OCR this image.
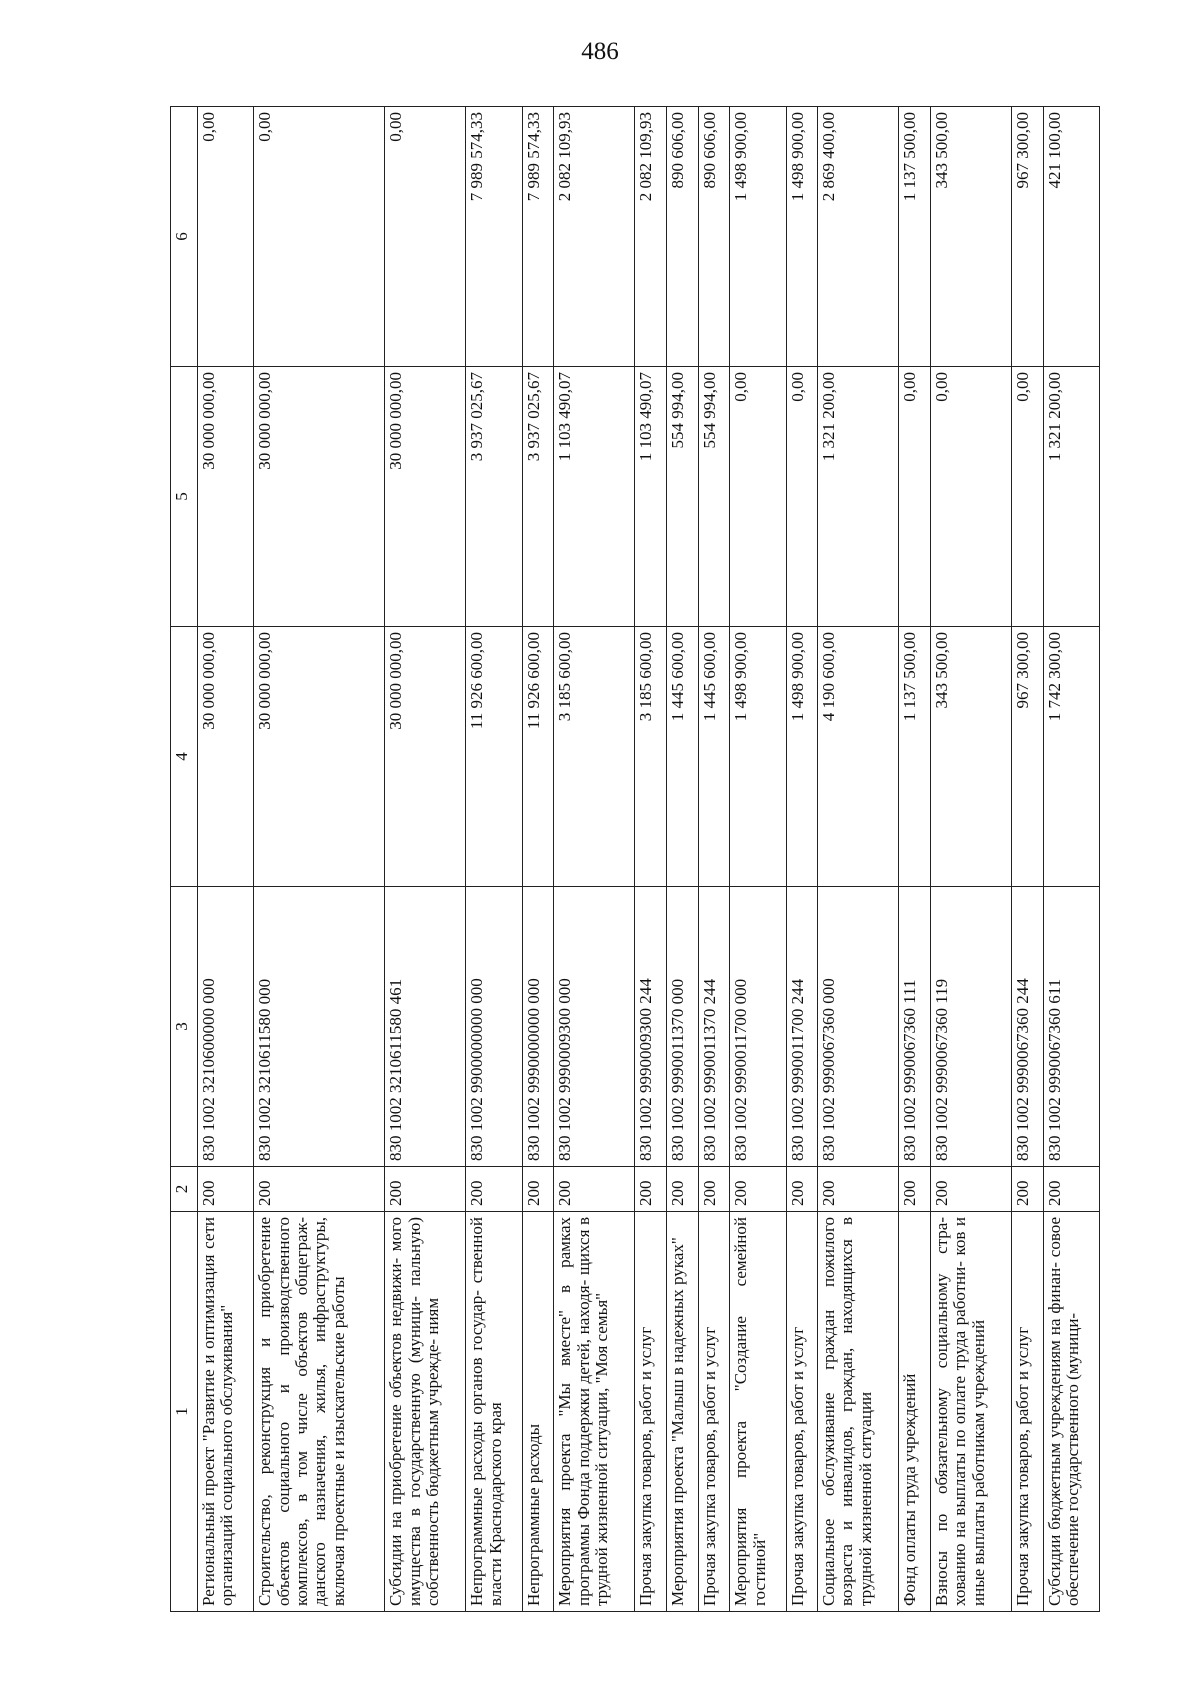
486
1	2	3	4	5	6
Региональный проект "Развитие и оптимизация сети организаций социального обслуживания"	200	830 1002 3210600000 000	30 000 000,00	30 000 000,00	0,00
Строительство, реконструкция и приобретение объектов социального и производственного комплексов, в том числе объектов общеграж- данского назначения, жилья, инфраструктуры, включая проектные и изыскательские работы	200	830 1002 3210611580 000	30 000 000,00	30 000 000,00	0,00
Субсидии на приобретение объектов недвижи- мого имущества в государственную (муници- пальную) собственность бюджетным учрежде- ниям	200	830 1002 3210611580 461	30 000 000,00	30 000 000,00	0,00
Непрограммные расходы органов государ- ственной власти Краснодарского края	200	830 1002 9900000000 000	11 926 600,00	3 937 025,67	7 989 574,33
Непрограммные расходы	200	830 1002 9990000000 000	11 926 600,00	3 937 025,67	7 989 574,33
Мероприятия проекта "Мы вместе" в рамках программы Фонда поддержки детей, находя- щихся в трудной жизненной ситуации, "Моя семья"	200	830 1002 9990009300 000	3 185 600,00	1 103 490,07	2 082 109,93
Прочая закупка товаров, работ и услуг	200	830 1002 9990009300 244	3 185 600,00	1 103 490,07	2 082 109,93
Мероприятия проекта "Малыш в надежных руках"	200	830 1002 9990011370 000	1 445 600,00	554 994,00	890 606,00
Прочая закупка товаров, работ и услуг	200	830 1002 9990011370 244	1 445 600,00	554 994,00	890 606,00
Мероприятия проекта "Создание семейной гостиной"	200	830 1002 9990011700 000	1 498 900,00	0,00	1 498 900,00
Прочая закупка товаров, работ и услуг	200	830 1002 9990011700 244	1 498 900,00	0,00	1 498 900,00
Социальное обслуживание граждан пожилого возраста и инвалидов, граждан, находящихся в трудной жизненной ситуации	200	830 1002 9990067360 000	4 190 600,00	1 321 200,00	2 869 400,00
Фонд оплаты труда учреждений	200	830 1002 9990067360 111	1 137 500,00	0,00	1 137 500,00
Взносы по обязательному социальному стра- хованию на выплаты по оплате труда работни- ков и иные выплаты работникам учреждений	200	830 1002 9990067360 119	343 500,00	0,00	343 500,00
Прочая закупка товаров, работ и услуг	200	830 1002 9990067360 244	967 300,00	0,00	967 300,00
Субсидии бюджетным учреждениям на финан- совое обеспечение государственного (муници-	200	830 1002 9990067360 611	1 742 300,00	1 321 200,00	421 100,00
